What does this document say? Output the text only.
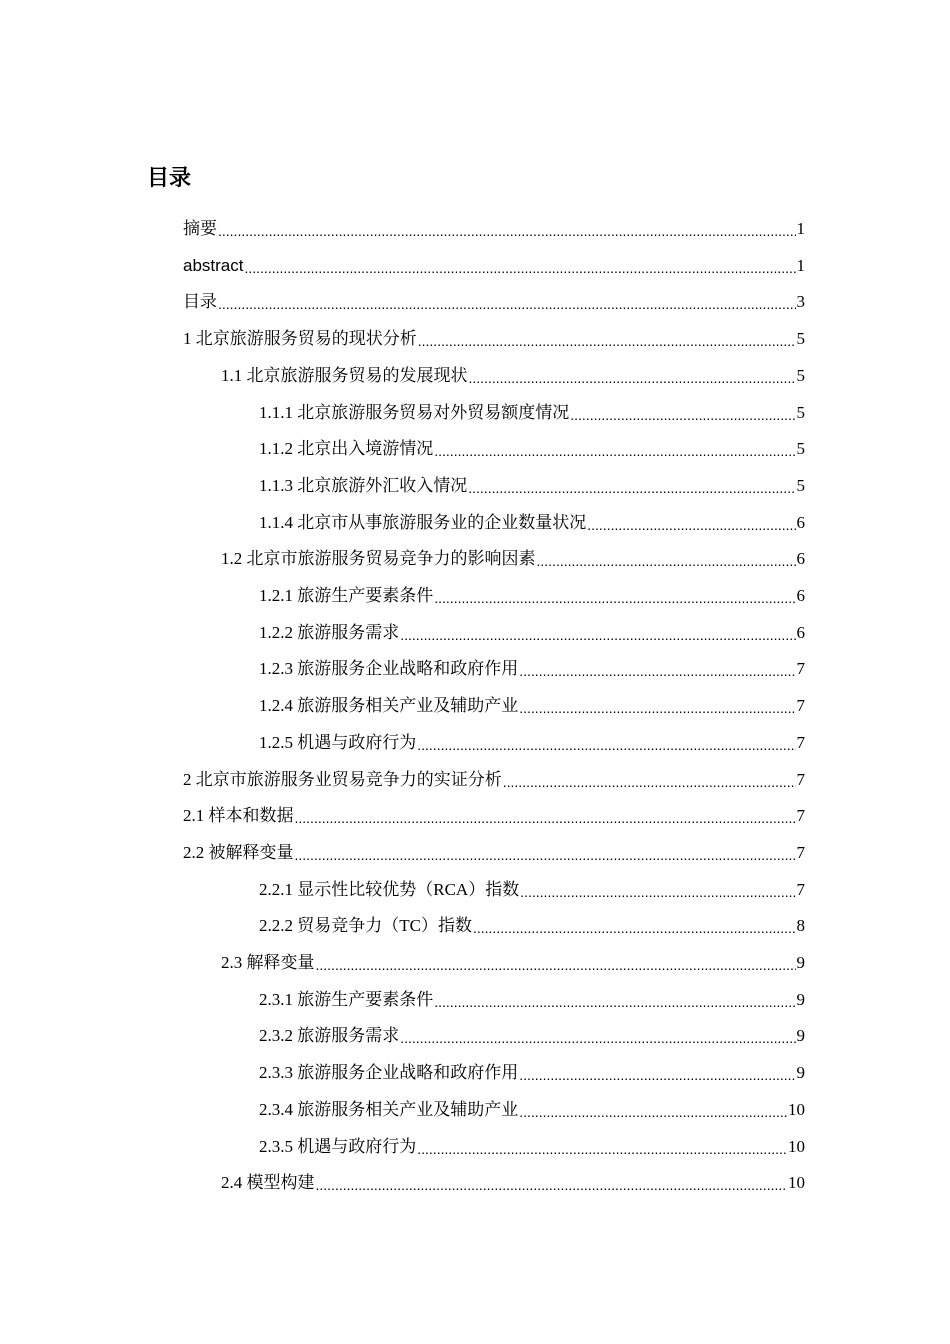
目录
摘要 .....	1
abstract .....	1
目录 .....	3
1 北京旅游服务贸易的现状分析 .....	5
1.1 北京旅游服务贸易的发展现状 .....	5
1.1.1 北京旅游服务贸易对外贸易额度情况 .....	5
1.1.2 北京出入境游情况 .....	5
1.1.3 北京旅游外汇收入情况 .....	5
1.1.4 北京市从事旅游服务业的企业数量状况 .....	6
1.2 北京市旅游服务贸易竞争力的影响因素 .....	6
1.2.1 旅游生产要素条件 .....	6
1.2.2 旅游服务需求 .....	6
1.2.3 旅游服务企业战略和政府作用 .....	7
1.2.4 旅游服务相关产业及辅助产业 .....	7
1.2.5 机遇与政府行为 .....	7
2 北京市旅游服务业贸易竞争力的实证分析 .....	7
2.1 样本和数据 .....	7
2.2 被解释变量 .....	7
2.2.1 显示性比较优势（RCA）指数 .....	7
2.2.2 贸易竞争力（TC）指数 .....	8
2.3 解释变量 .....	9
2.3.1 旅游生产要素条件 .....	9
2.3.2 旅游服务需求 .....	9
2.3.3 旅游服务企业战略和政府作用 .....	9
2.3.4 旅游服务相关产业及辅助产业 .....	10
2.3.5 机遇与政府行为 .....	10
2.4 模型构建 .....	10
